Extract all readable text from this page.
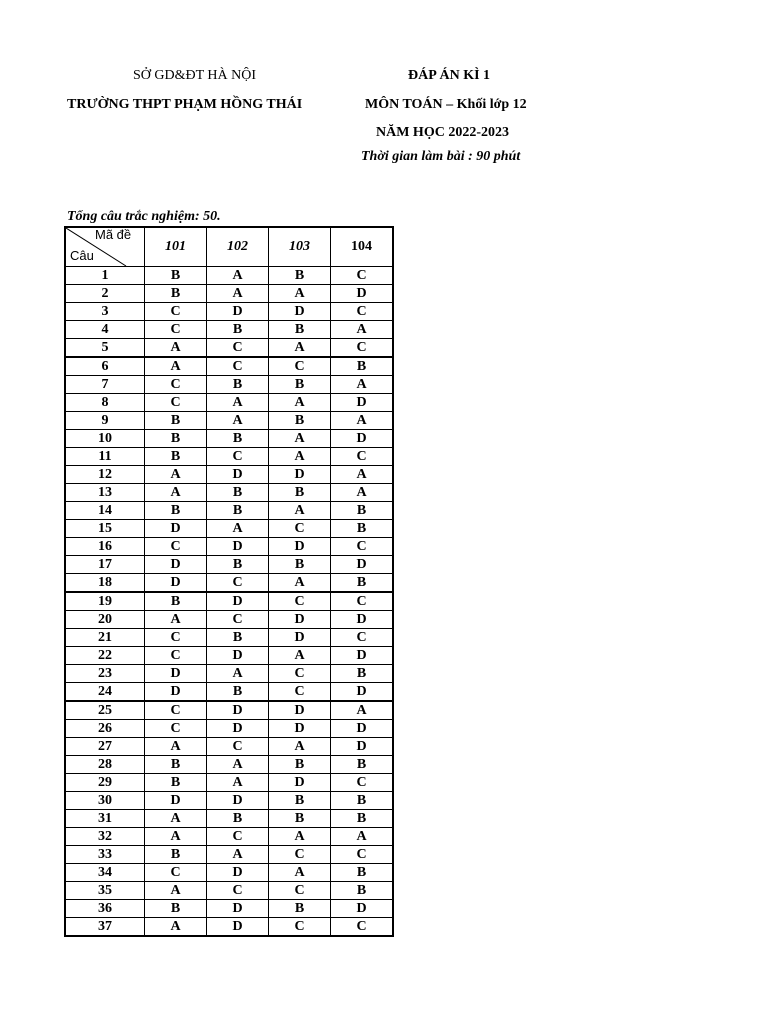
SỞ GD&ĐT HÀ NỘI
TRƯỜNG THPT PHẠM HỒNG THÁI
ĐÁP ÁN KÌ 1
MÔN TOÁN – Khối lớp 12
NĂM HỌC 2022-2023
Thời gian làm bài : 90 phút
Tổng câu trắc nghiệm: 50.
Mã đề
Câu	101	102	103	104
1	B	A	B	C
2	B	A	A	D
3	C	D	D	C
4	C	B	B	A
5	A	C	A	C
6	A	C	C	B
7	C	B	B	A
8	C	A	A	D
9	B	A	B	A
10	B	B	A	D
11	B	C	A	C
12	A	D	D	A
13	A	B	B	A
14	B	B	A	B
15	D	A	C	B
16	C	D	D	C
17	D	B	B	D
18	D	C	A	B
19	B	D	C	C
20	A	C	D	D
21	C	B	D	C
22	C	D	A	D
23	D	A	C	B
24	D	B	C	D
25	C	D	D	A
26	C	D	D	D
27	A	C	A	D
28	B	A	B	B
29	B	A	D	C
30	D	D	B	B
31	A	B	B	B
32	A	C	A	A
33	B	A	C	C
34	C	D	A	B
35	A	C	C	B
36	B	D	B	D
37	A	D	C	C
